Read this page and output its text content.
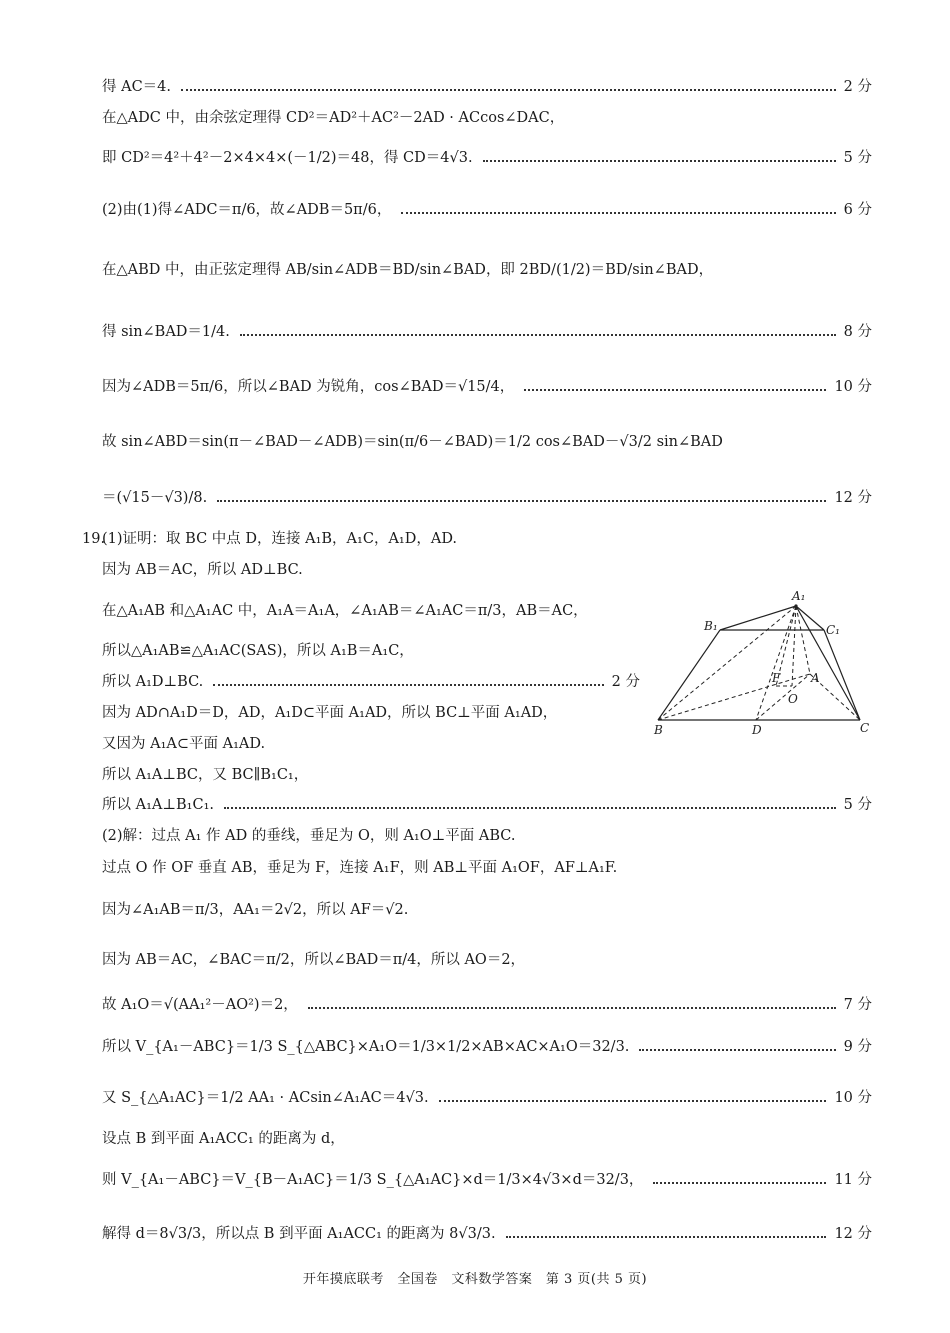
得 AC＝4.	2 分
在△ADC 中，由余弦定理得 CD²＝AD²＋AC²－2AD · ACcos∠DAC，
即 CD²＝4²＋4²－2×4×4×(－1/2)＝48，得 CD＝4√3.	5 分
(2)由(1)得∠ADC＝π/6，故∠ADB＝5π/6，	6 分
在△ABD 中，由正弦定理得 AB/sin∠ADB＝BD/sin∠BAD，即 2BD/(1/2)＝BD/sin∠BAD，
得 sin∠BAD＝1/4.	8 分
因为∠ADB＝5π/6，所以∠BAD 为锐角，cos∠BAD＝√15/4，	10 分
故 sin∠ABD＝sin(π－∠BAD－∠ADB)＝sin(π/6－∠BAD)＝1/2 cos∠BAD－√3/2 sin∠BAD
＝(√15－√3)/8.	12 分
19.
(1)证明：取 BC 中点 D，连接 A₁B，A₁C，A₁D，AD.
因为 AB＝AC，所以 AD⊥BC.
在△A₁AB 和△A₁AC 中，A₁A＝A₁A，∠A₁AB＝∠A₁AC＝π/3，AB＝AC，
所以△A₁AB≌△A₁AC(SAS)，所以 A₁B＝A₁C，
所以 A₁D⊥BC.	2 分
因为 AD∩A₁D＝D，AD，A₁D⊂平面 A₁AD，所以 BC⊥平面 A₁AD，
又因为 A₁A⊂平面 A₁AD.
所以 A₁A⊥BC，又 BC∥B₁C₁，
所以 A₁A⊥B₁C₁.	5 分
(2)解：过点 A₁ 作 AD 的垂线，垂足为 O，则 A₁O⊥平面 ABC.
过点 O 作 OF 垂直 AB，垂足为 F，连接 A₁F，则 AB⊥平面 A₁OF，AF⊥A₁F.
因为∠A₁AB＝π/3，AA₁＝2√2，所以 AF＝√2.
因为 AB＝AC，∠BAC＝π/2，所以∠BAD＝π/4，所以 AO＝2，
故 A₁O＝√(AA₁²－AO²)＝2，	7 分
所以 V_{A₁－ABC}＝1/3 S_{△ABC}×A₁O＝1/3×1/2×AB×AC×A₁O＝32/3.	9 分
又 S_{△A₁AC}＝1/2 AA₁ · ACsin∠A₁AC＝4√3.	10 分
设点 B 到平面 A₁ACC₁ 的距离为 d，
则 V_{A₁－ABC}＝V_{B－A₁AC}＝1/3 S_{△A₁AC}×d＝1/3×4√3×d＝32/3，	11 分
解得 d＝8√3/3，所以点 B 到平面 A₁ACC₁ 的距离为 8√3/3.	12 分
A₁
B₁	C₁
B	D	C
F
O
A
开年摸底联考　全国卷　文科数学答案　第 3 页(共 5 页)
